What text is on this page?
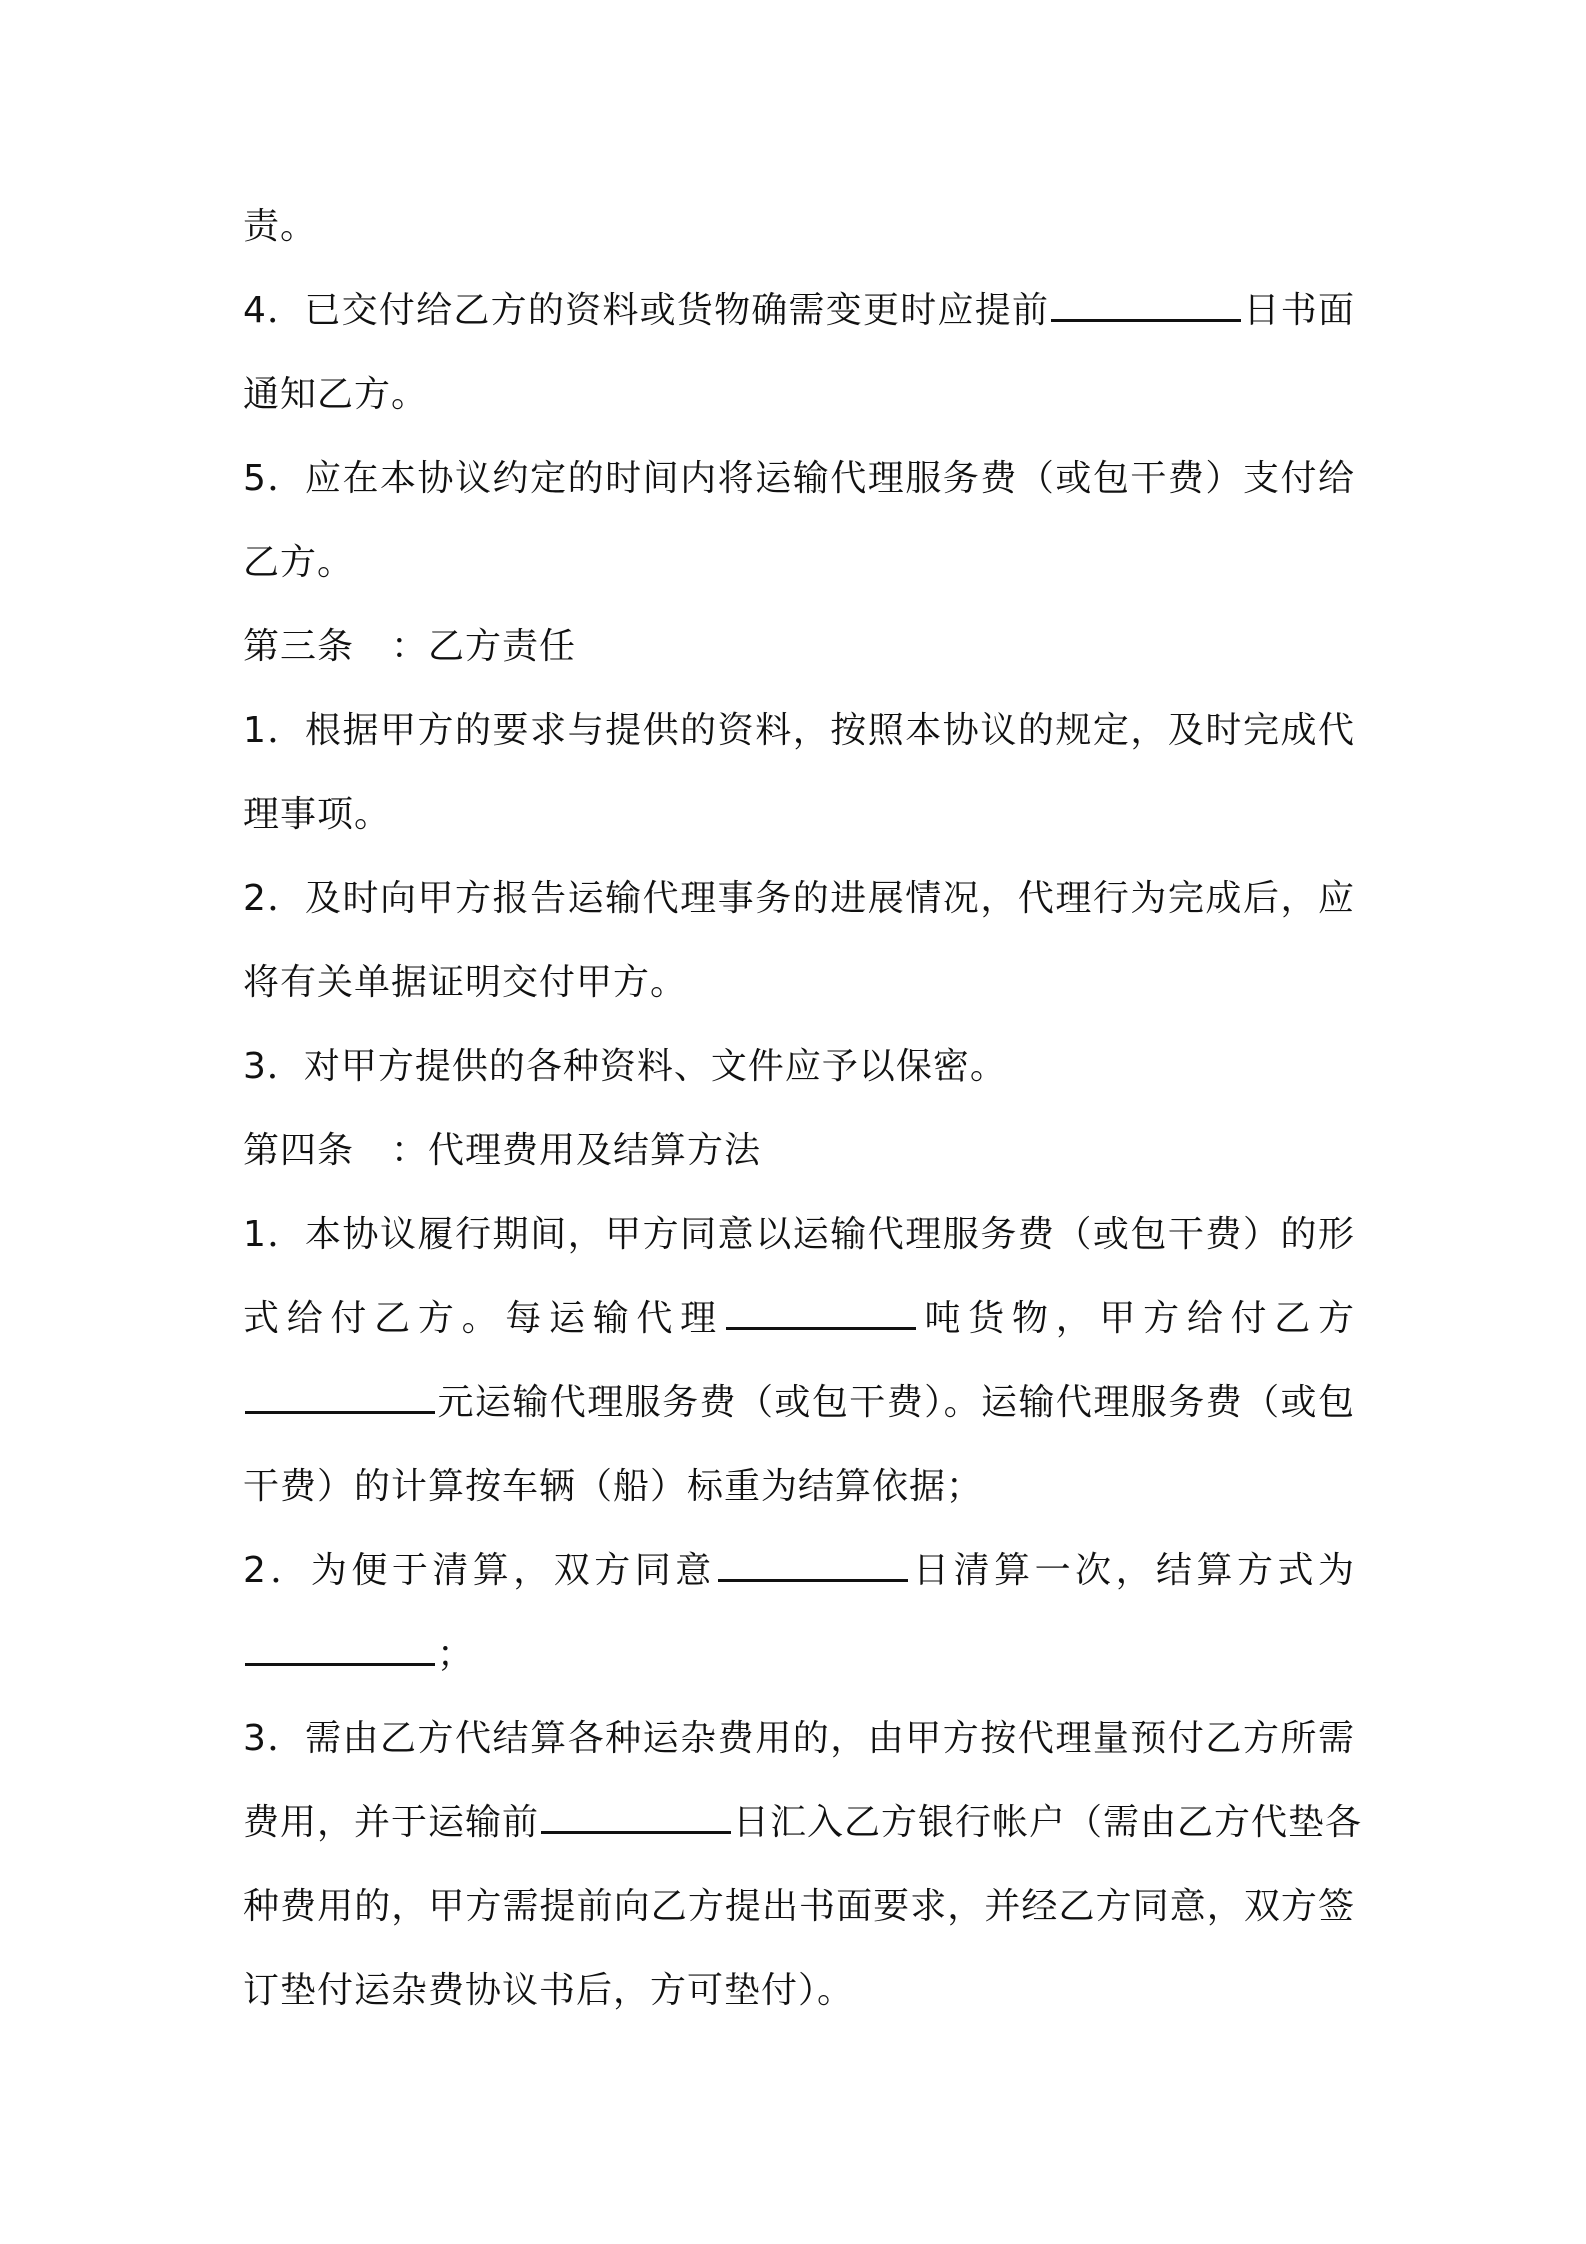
责。
4．已交付给乙方的资料或货物确需变更时应提前	日书面
通知乙方。
5．应在本协议约定的时间内将运输代理服务费（或包干费）支付给
乙方。
第三条　：乙方责任
1．根据甲方的要求与提供的资料，按照本协议的规定，及时完成代
理事项。
2．及时向甲方报告运输代理事务的进展情况，代理行为完成后，应
将有关单据证明交付甲方。
3．对甲方提供的各种资料、文件应予以保密。
第四条　：代理费用及结算方法
1．本协议履行期间，甲方同意以运输代理服务费（或包干费）的形
式给付乙方。每运输代理	吨货物，甲方给付乙方
元运输代理服务费（或包干费）。运输代理服务费（或包
干费）的计算按车辆（船）标重为结算依据；
2．为便于清算，双方同意	日清算一次，结算方式为
；
3．需由乙方代结算各种运杂费用的，由甲方按代理量预付乙方所需
费用，并于运输前	日汇入乙方银行帐户（需由乙方代垫各
种费用的，甲方需提前向乙方提出书面要求，并经乙方同意，双方签
订垫付运杂费协议书后，方可垫付）。
